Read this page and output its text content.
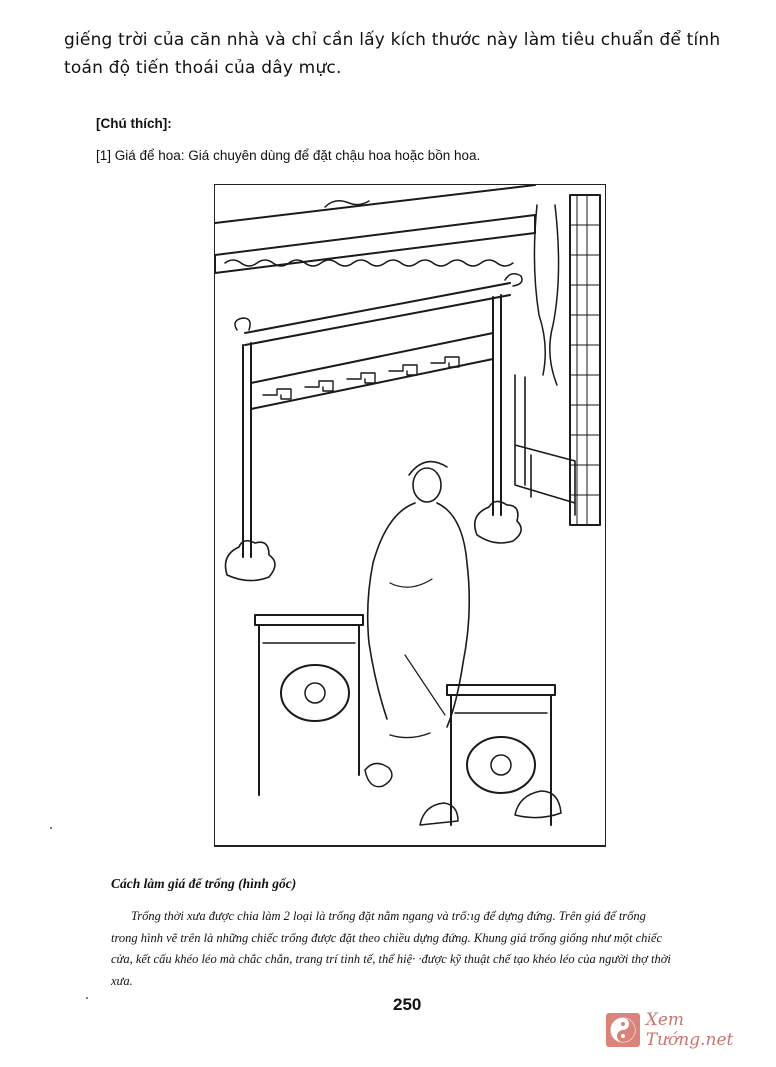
giếng trời của căn nhà và chỉ cần lấy kích thước này làm tiêu chuẩn để tính toán độ tiến thoái của dây mực.
[Chú thích]:
[1] Giá để hoa: Giá chuyên dùng để đặt chậu hoa hoặc bồn hoa.
Cách làm giá để trống (hình gốc)
Trống thời xưa được chia làm 2 loại là trống đặt nằm ngang và trố:ıg để dựng đứng. Trên giá để trống trong hình vẽ trên là những chiếc trống được đặt theo chiều dựng đứng. Khung giá trống giống như một chiếc cửa, kết cấu khéo léo mà chắc chắn, trang trí tinh tế, thể hiệ· ·được kỹ thuật chế tạo khéo léo của người thợ thời xưa.
250
Xem Tướng.net
